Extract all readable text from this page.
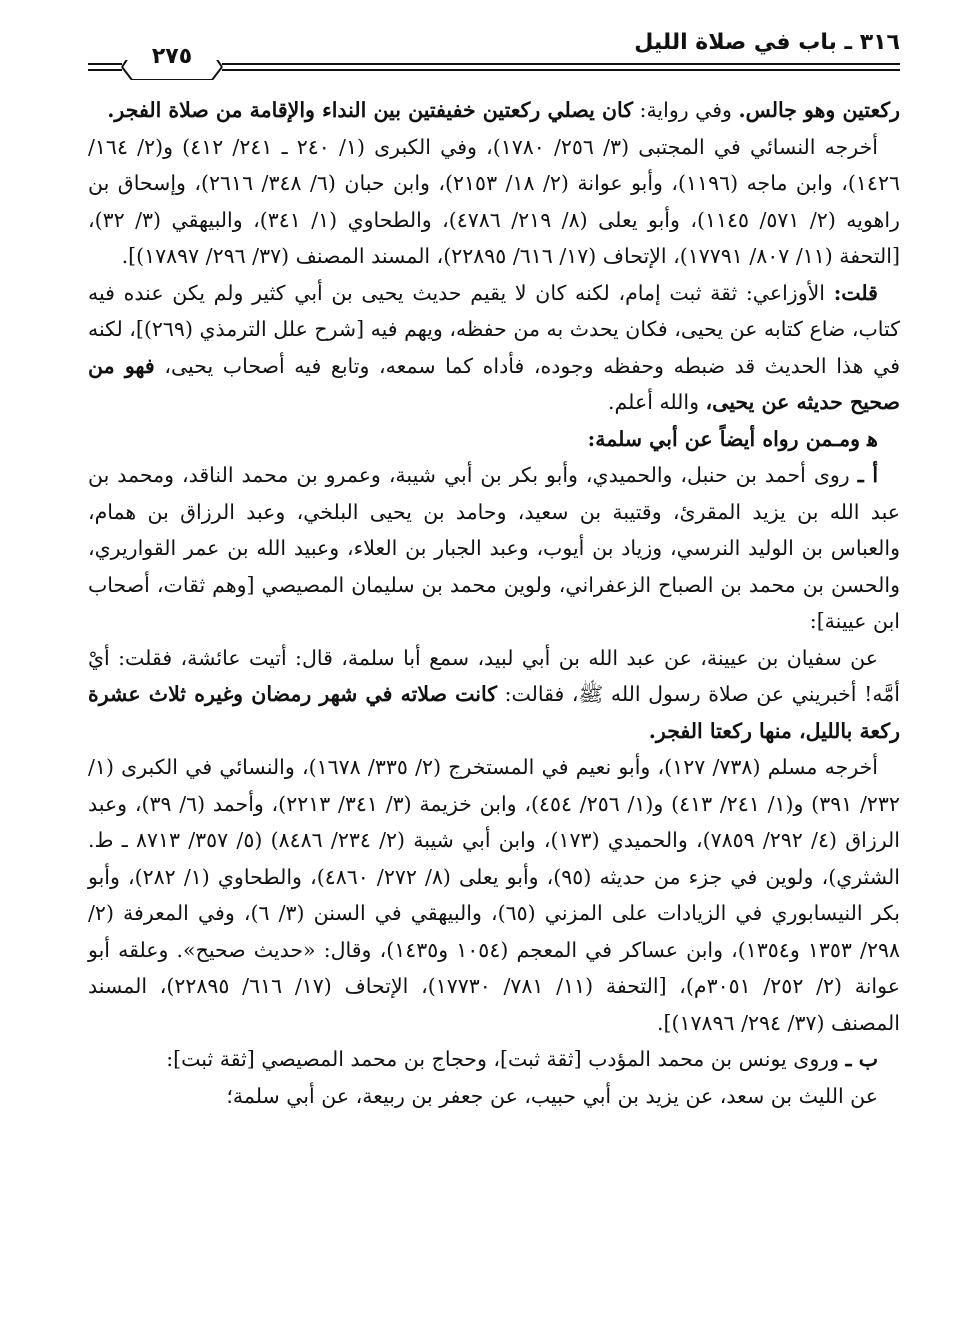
٣١٦ ـ باب في صلاة الليل
٢٧٥

ركعتين وهو جالس. وفي رواية: كان يصلي ركعتين خفيفتين بين النداء والإقامة من صلاة الفجر.

أخرجه النسائي في المجتبى (٣/ ٢٥٦/ ١٧٨٠)، وفي الكبرى (١/ ٢٤٠ ـ ٢٤١/ ٤١٢) و(٢/ ١٦٤/ ١٤٢٦)، وابن ماجه (١١٩٦)، وأبو عوانة (٢/ ١٨/ ٢١٥٣)، وابن حبان (٦/ ٣٤٨/ ٢٦١٦)، وإسحاق بن راهويه (٢/ ٥٧١/ ١١٤٥)، وأبو يعلى (٨/ ٢١٩/ ٤٧٨٦)، والطحاوي (١/ ٣٤١)، والبيهقي (٣/ ٣٢)، [التحفة (١١/ ٨٠٧/ ١٧٧٩١)، الإتحاف (١٧/ ٦١٦/ ٢٢٨٩٥)، المسند المصنف (٣٧/ ٢٩٦/ ١٧٨٩٧)].

قلت: الأوزاعي: ثقة ثبت إمام، لكنه كان لا يقيم حديث يحيى بن أبي كثير ولم يكن عنده فيه كتاب، ضاع كتابه عن يحيى، فكان يحدث به من حفظه، ويهم فيه [شرح علل الترمذي (٢٦٩)]، لكنه في هذا الحديث قد ضبطه وحفظه وجوده، فأداه كما سمعه، وتابع فيه أصحاب يحيى، فهو من صحيح حديثه عن يحيى، والله أعلم.

ﻫ ومـمن رواه أيضاً عن أبي سلمة:

أ ـ روى أحمد بن حنبل، والحميدي، وأبو بكر بن أبي شيبة، وعمرو بن محمد الناقد، ومحمد بن عبد الله بن يزيد المقرئ، وقتيبة بن سعيد، وحامد بن يحيى البلخي، وعبد الرزاق بن همام، والعباس بن الوليد النرسي، وزياد بن أيوب، وعبد الجبار بن العلاء، وعبيد الله بن عمر القواريري، والحسن بن محمد بن الصباح الزعفراني، ولوين محمد بن سليمان المصيصي [وهم ثقات، أصحاب ابن عيينة]:

عن سفيان بن عيينة، عن عبد الله بن أبي لبيد، سمع أبا سلمة، قال: أتيت عائشة، فقلت: أيْ أمَّه! أخبريني عن صلاة رسول الله ﷺ، فقالت: كانت صلاته في شهر رمضان وغيره ثلاث عشرة ركعة بالليل، منها ركعتا الفجر.

أخرجه مسلم (٧٣٨/ ١٢٧)، وأبو نعيم في المستخرج (٢/ ٣٣٥/ ١٦٧٨)، والنسائي في الكبرى (١/ ٢٣٢/ ٣٩١) و(١/ ٢٤١/ ٤١٣) و(١/ ٢٥٦/ ٤٥٤)، وابن خزيمة (٣/ ٣٤١/ ٢٢١٣)، وأحمد (٦/ ٣٩)، وعبد الرزاق (٤/ ٢٩٢/ ٧٨٥٩)، والحميدي (١٧٣)، وابن أبي شيبة (٢/ ٢٣٤/ ٨٤٨٦) (٥/ ٣٥٧/ ٨٧١٣ ـ ط. الشثري)، ولوين في جزء من حديثه (٩٥)، وأبو يعلى (٨/ ٢٧٢/ ٤٨٦٠)، والطحاوي (١/ ٢٨٢)، وأبو بكر النيسابوري في الزيادات على المزني (٦٥)، والبيهقي في السنن (٣/ ٦)، وفي المعرفة (٢/ ٢٩٨/ ١٣٥٣ و١٣٥٤)، وابن عساكر في المعجم (١٠٥٤ و١٤٣٥)، وقال: «حديث صحيح». وعلقه أبو عوانة (٢/ ٢٥٢/ ٣٠٥١م)، [التحفة (١١/ ٧٨١/ ١٧٧٣٠)، الإتحاف (١٧/ ٦١٦/ ٢٢٨٩٥)، المسند المصنف (٣٧/ ٢٩٤/ ١٧٨٩٦)].

ب ـ وروى يونس بن محمد المؤدب [ثقة ثبت]، وحجاج بن محمد المصيصي [ثقة ثبت]:

عن الليث بن سعد، عن يزيد بن أبي حبيب، عن جعفر بن ربيعة، عن أبي سلمة؛
